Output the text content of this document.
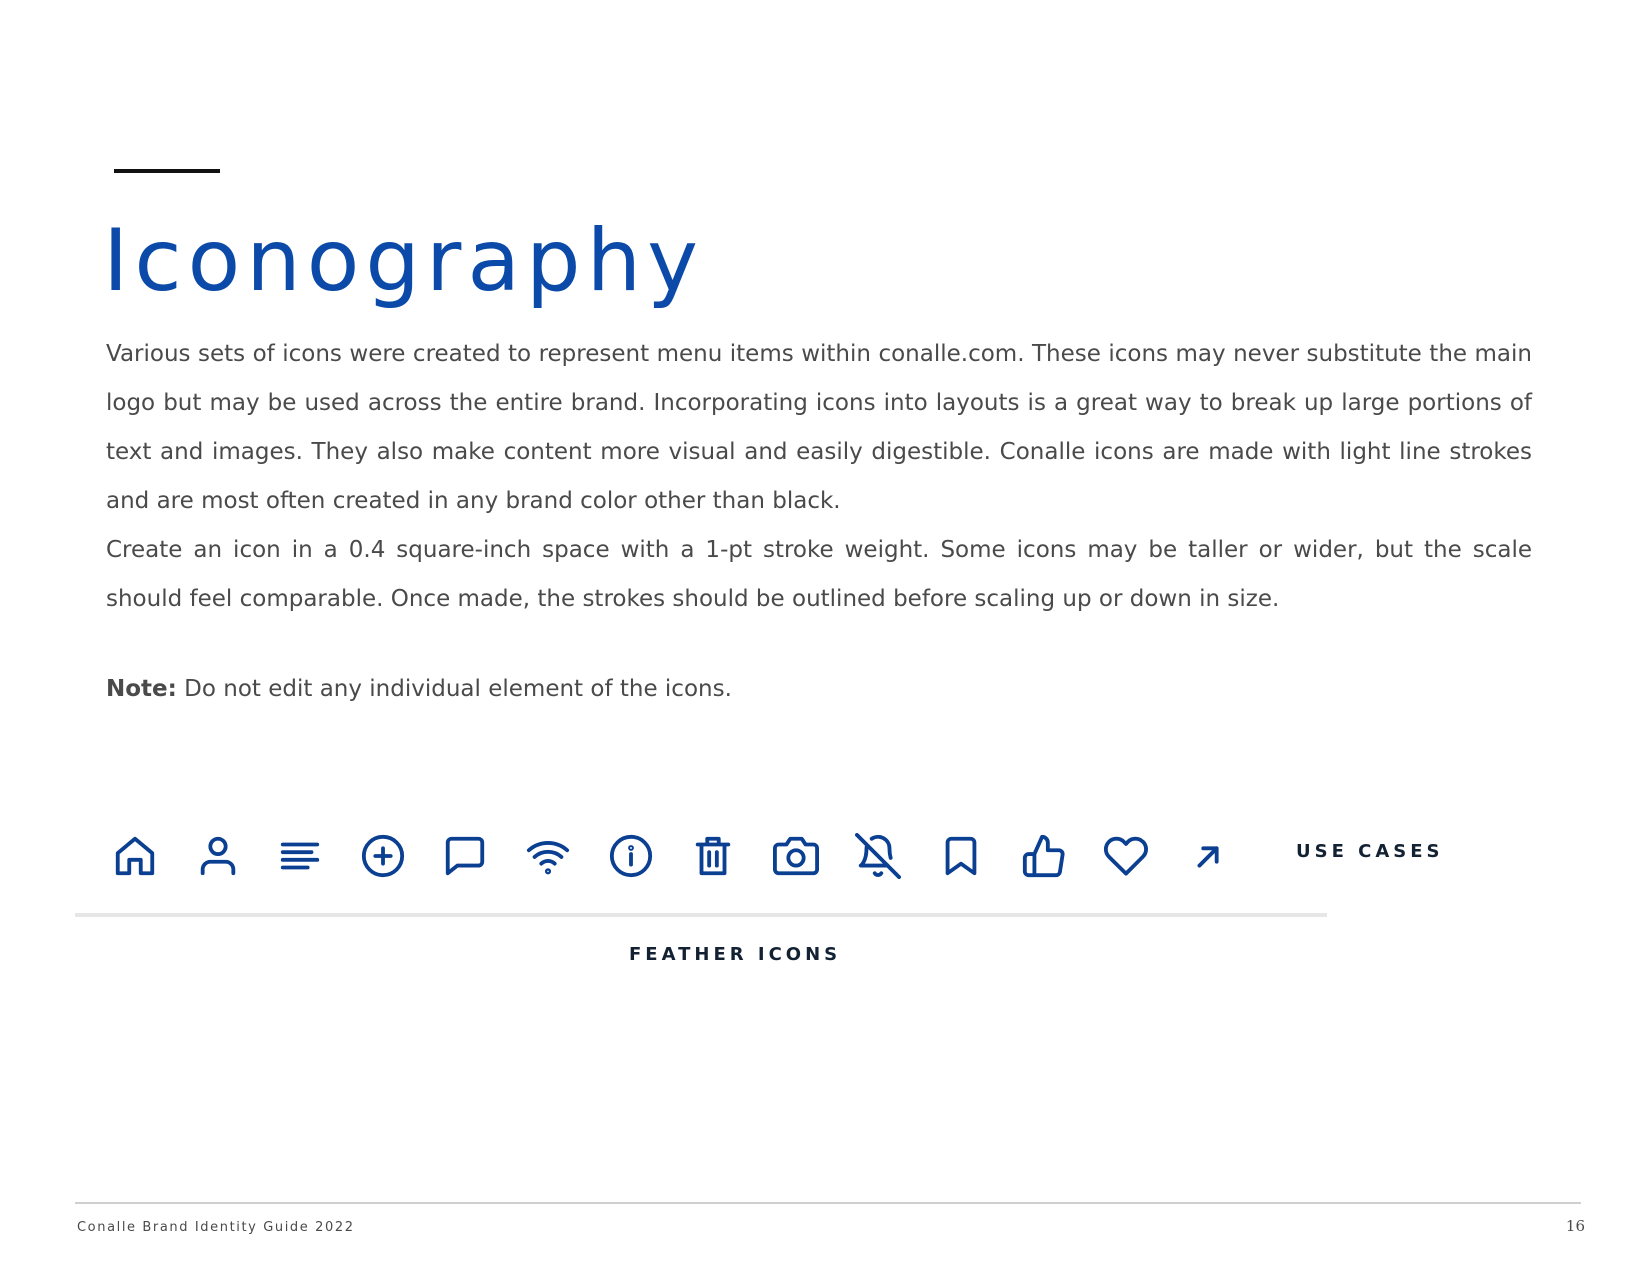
Iconography

Various sets of icons were created to represent menu items within conalle.com. These icons may never substitute the main logo but may be used across the entire brand. Incorporating icons into layouts is a great way to break up large portions of text and images. They also make content more visual and easily digestible. Conalle icons are made with light line strokes and are most often created in any brand color other than black.

Create an icon in a 0.4 square-inch space with a 1-pt stroke weight. Some icons may be taller or wider, but the scale should feel comparable. Once made, the strokes should be outlined before scaling up or down in size.

Note: Do not edit any individual element of the icons.

USE CASES
FEATHER ICONS
Conalle Brand Identity Guide 2022	16
